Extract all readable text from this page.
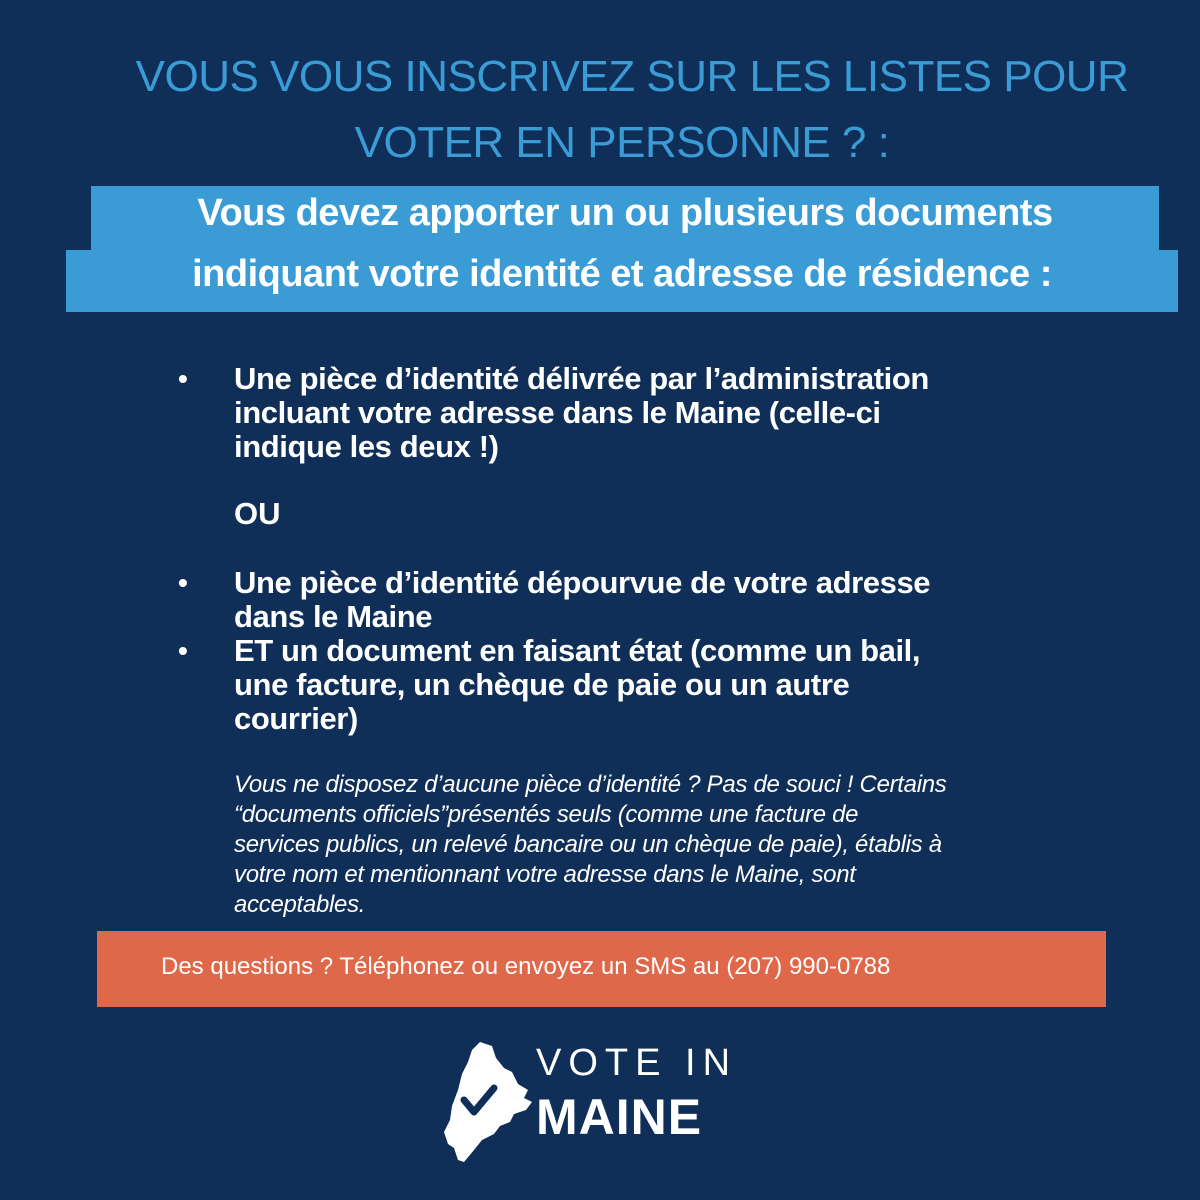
VOUS VOUS INSCRIVEZ SUR LES LISTES POUR
VOTER EN PERSONNE ? :
Vous devez apporter un ou plusieurs documents
indiquant votre identité et adresse de résidence :
• Une pièce d’identité délivrée par l’administration
incluant votre adresse dans le Maine (celle-ci
indique les deux !)
OU
• Une pièce d’identité dépourvue de votre adresse
dans le Maine
• ET un document en faisant état (comme un bail,
une facture, un chèque de paie ou un autre
courrier)
Vous ne disposez d’aucune pièce d’identité ? Pas de souci ! Certains
“documents officiels”présentés seuls (comme une facture de
services publics, un relevé bancaire ou un chèque de paie), établis à
votre nom et mentionnant votre adresse dans le Maine, sont
acceptables.
Des questions ? Téléphonez ou envoyez un SMS au (207) 990-0788
VOTE IN
MAINE
